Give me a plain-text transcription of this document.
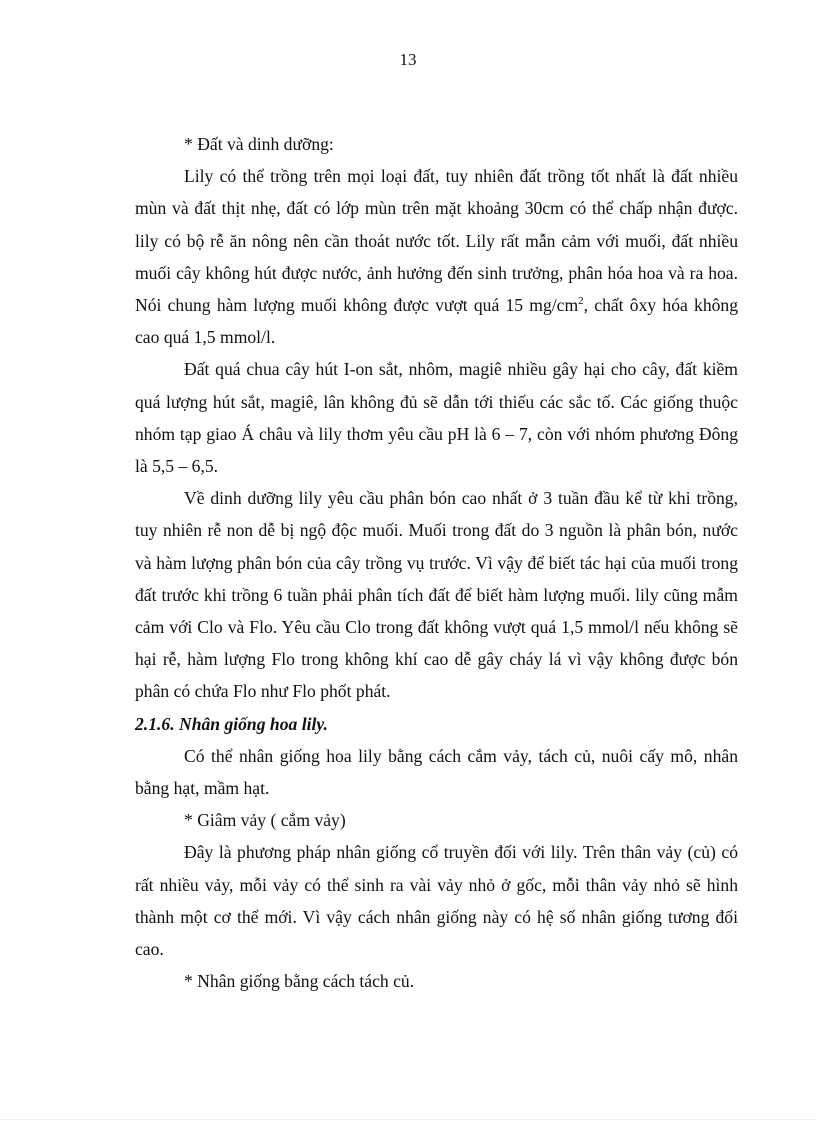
13

* Đất và dinh dưỡng:

Lily có thể trồng trên mọi loại đất, tuy nhiên đất trồng tốt nhất là đất nhiều mùn và đất thịt nhẹ, đất có lớp mùn trên mặt khoảng 30cm có thể chấp nhận được. lily có bộ rễ ăn nông nên cần thoát nước tốt. Lily rất mẫn cảm với muối, đất nhiều muối cây không hút được nước, ảnh hưởng đến sinh trưởng, phân hóa hoa và ra hoa. Nói chung hàm lượng muối không được vượt quá 15 $mg/cm^2$, chất ôxy hóa không cao quá 1,5 mmol/l.

Đất quá chua cây hút I-on sắt, nhôm, magiê nhiều gây hại cho cây, đất kiềm quá lượng hút sắt, magiê, lân không đủ sẽ dẫn tới thiếu các sắc tố. Các giống thuộc nhóm tạp giao Á châu và lily thơm yêu cầu pH là 6 – 7, còn với nhóm phương Đông là 5,5 – 6,5.

Về dinh dưỡng lily yêu cầu phân bón cao nhất ở 3 tuần đầu kể từ khi trồng, tuy nhiên rễ non dễ bị ngộ độc muối. Muối trong đất do 3 nguồn là phân bón, nước và hàm lượng phân bón của cây trồng vụ trước. Vì vậy để biết tác hại của muối trong đất trước khi trồng 6 tuần phải phân tích đất để biết hàm lượng muối. lily cũng mẫm cảm với Clo và Flo. Yêu cầu Clo trong đất không vượt quá 1,5 mmol/l nếu không sẽ hại rễ, hàm lượng Flo trong không khí cao dễ gây cháy lá vì vậy không được bón phân có chứa Flo như Flo phốt phát.

2.1.6. Nhân giống hoa lily.

Có thể nhân giống hoa lily bằng cách cắm vảy, tách củ, nuôi cấy mô, nhân bằng hạt, mầm hạt.

* Giâm vảy ( cắm vảy)

Đây là phương pháp nhân giống cổ truyền đối với lily. Trên thân vảy (củ) có rất nhiều vảy, mỗi vảy có thể sinh ra vài vảy nhỏ ở gốc, mỗi thân vảy nhỏ sẽ hình thành một cơ thể mới. Vì vậy cách nhân giống này có hệ số nhân giống tương đối cao.

* Nhân giống bằng cách tách củ.
